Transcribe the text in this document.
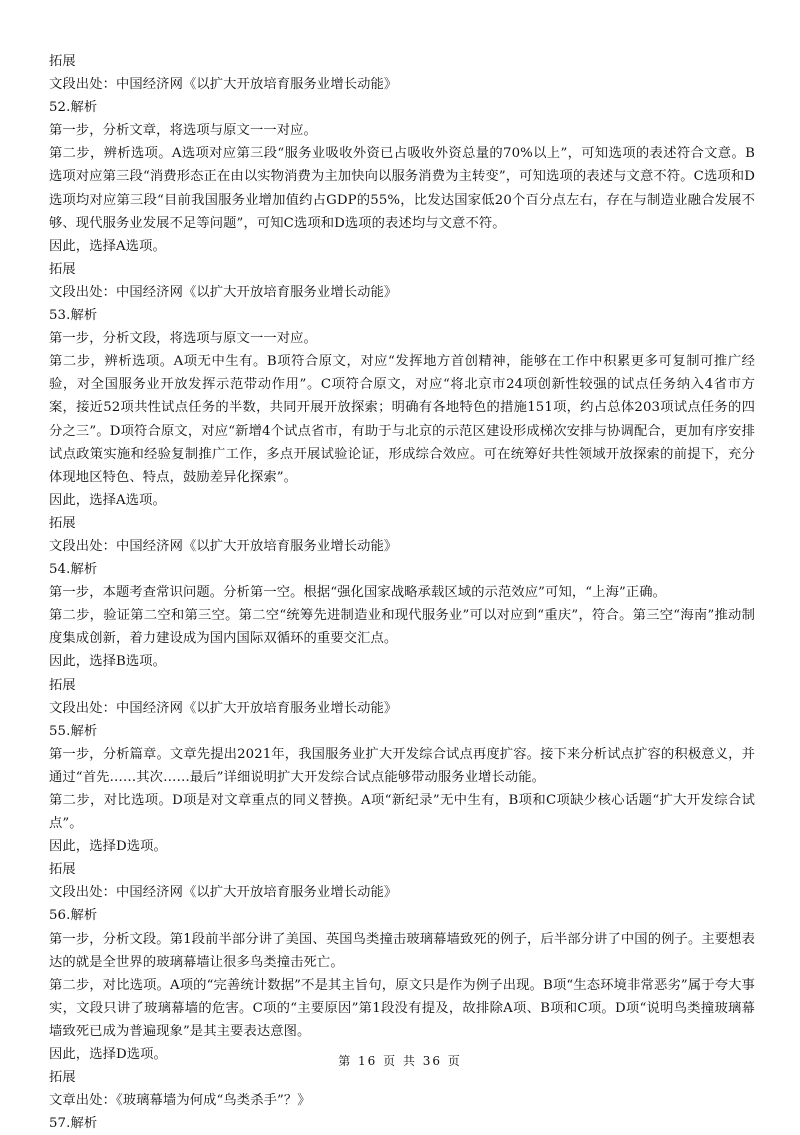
拓展

文段出处：中国经济网《以扩大开放培育服务业增长动能》

52.解析

第一步，分析文章，将选项与原文一一对应。

第二步，辨析选项。A选项对应第三段“服务业吸收外资已占吸收外资总量的70%以上”，可知选项的表述符合文意。B选项对应第三段“消费形态正在由以实物消费为主加快向以服务消费为主转变”，可知选项的表述与文意不符。C选项和D选项均对应第三段“目前我国服务业增加值约占GDP的55%，比发达国家低20个百分点左右，存在与制造业融合发展不够、现代服务业发展不足等问题”，可知C选项和D选项的表述均与文意不符。

因此，选择A选项。

拓展

文段出处：中国经济网《以扩大开放培育服务业增长动能》

53.解析

第一步，分析文段，将选项与原文一一对应。

第二步，辨析选项。A项无中生有。B项符合原文，对应“发挥地方首创精神，能够在工作中积累更多可复制可推广经验，对全国服务业开放发挥示范带动作用”。C项符合原文，对应“将北京市24项创新性较强的试点任务纳入4省市方案，接近52项共性试点任务的半数，共同开展开放探索；明确有各地特色的措施151项，约占总体203项试点任务的四分之三”。D项符合原文，对应“新增4个试点省市，有助于与北京的示范区建设形成梯次安排与协调配合，更加有序安排试点政策实施和经验复制推广工作，多点开展试验论证，形成综合效应。可在统筹好共性领域开放探索的前提下，充分体现地区特色、特点，鼓励差异化探索”。

因此，选择A选项。

拓展

文段出处：中国经济网《以扩大开放培育服务业增长动能》

54.解析

第一步，本题考查常识问题。分析第一空。根据“强化国家战略承载区域的示范效应”可知，“上海”正确。

第二步，验证第二空和第三空。第二空“统筹先进制造业和现代服务业”可以对应到“重庆”，符合。第三空“海南”推动制度集成创新，着力建设成为国内国际双循环的重要交汇点。

因此，选择B选项。

拓展

文段出处：中国经济网《以扩大开放培育服务业增长动能》

55.解析

第一步，分析篇章。文章先提出2021年，我国服务业扩大开发综合试点再度扩容。接下来分析试点扩容的积极意义，并通过“首先……其次……最后”详细说明扩大开发综合试点能够带动服务业增长动能。

第二步，对比选项。D项是对文章重点的同义替换。A项“新纪录”无中生有，B项和C项缺少核心话题“扩大开发综合试点”。

因此，选择D选项。

拓展

文段出处：中国经济网《以扩大开放培育服务业增长动能》

56.解析

第一步，分析文段。第1段前半部分讲了美国、英国鸟类撞击玻璃幕墙致死的例子，后半部分讲了中国的例子。主要想表达的就是全世界的玻璃幕墙让很多鸟类撞击死亡。

第二步，对比选项。A项的“完善统计数据”不是其主旨句，原文只是作为例子出现。B项“生态环境非常恶劣”属于夸大事实，文段只讲了玻璃幕墙的危害。C项的“主要原因”第1段没有提及，故排除A项、B项和C项。D项“说明鸟类撞玻璃幕墙致死已成为普遍现象”是其主要表达意图。

因此，选择D选项。

拓展

文章出处：《玻璃幕墙为何成“鸟类杀手”？》

57.解析

第 16 页 共 36 页
